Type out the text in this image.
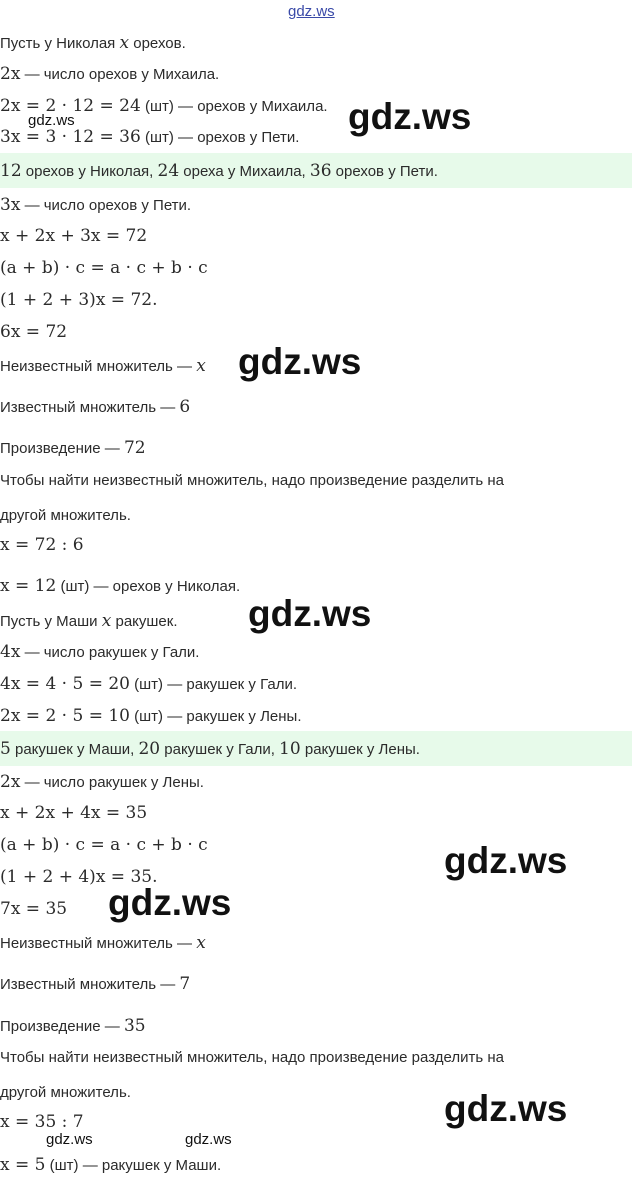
gdz.ws
Пусть у Николая x орехов.
2x — число орехов у Михаила.
2x = 2 · 12 = 24 (шт) — орехов у Михаила.
3x = 3 · 12 = 36 (шт) — орехов у Пети.
12 орехов у Николая, 24 ореха у Михаила, 36 орехов у Пети.
3x — число орехов у Пети.
x + 2x + 3x = 72
(a + b) · c = a · c + b · c
(1 + 2 + 3)x = 72.
6x = 72
Неизвестный множитель — x
Известный множитель — 6
Произведение — 72
Чтобы найти неизвестный множитель, надо произведение разделить на
другой множитель.
x = 72 : 6
x = 12 (шт) — орехов у Николая.
Пусть у Маши x ракушек.
4x — число ракушек у Гали.
4x = 4 · 5 = 20 (шт) — ракушек у Гали.
2x = 2 · 5 = 10 (шт) — ракушек у Лены.
5 ракушек у Маши, 20 ракушек у Гали, 10 ракушек у Лены.
2x — число ракушек у Лены.
x + 2x + 4x = 35
(a + b) · c = a · c + b · c
(1 + 2 + 4)x = 35.
7x = 35
Неизвестный множитель — x
Известный множитель — 7
Произведение — 35
Чтобы найти неизвестный множитель, надо произведение разделить на
другой множитель.
x = 35 : 7
x = 5 (шт) — ракушек у Маши.
gdz.ws	gdz.ws
gdz.ws
gdz.ws
gdz.ws
gdz.ws
gdz.ws
gdz.ws	gdz.ws
